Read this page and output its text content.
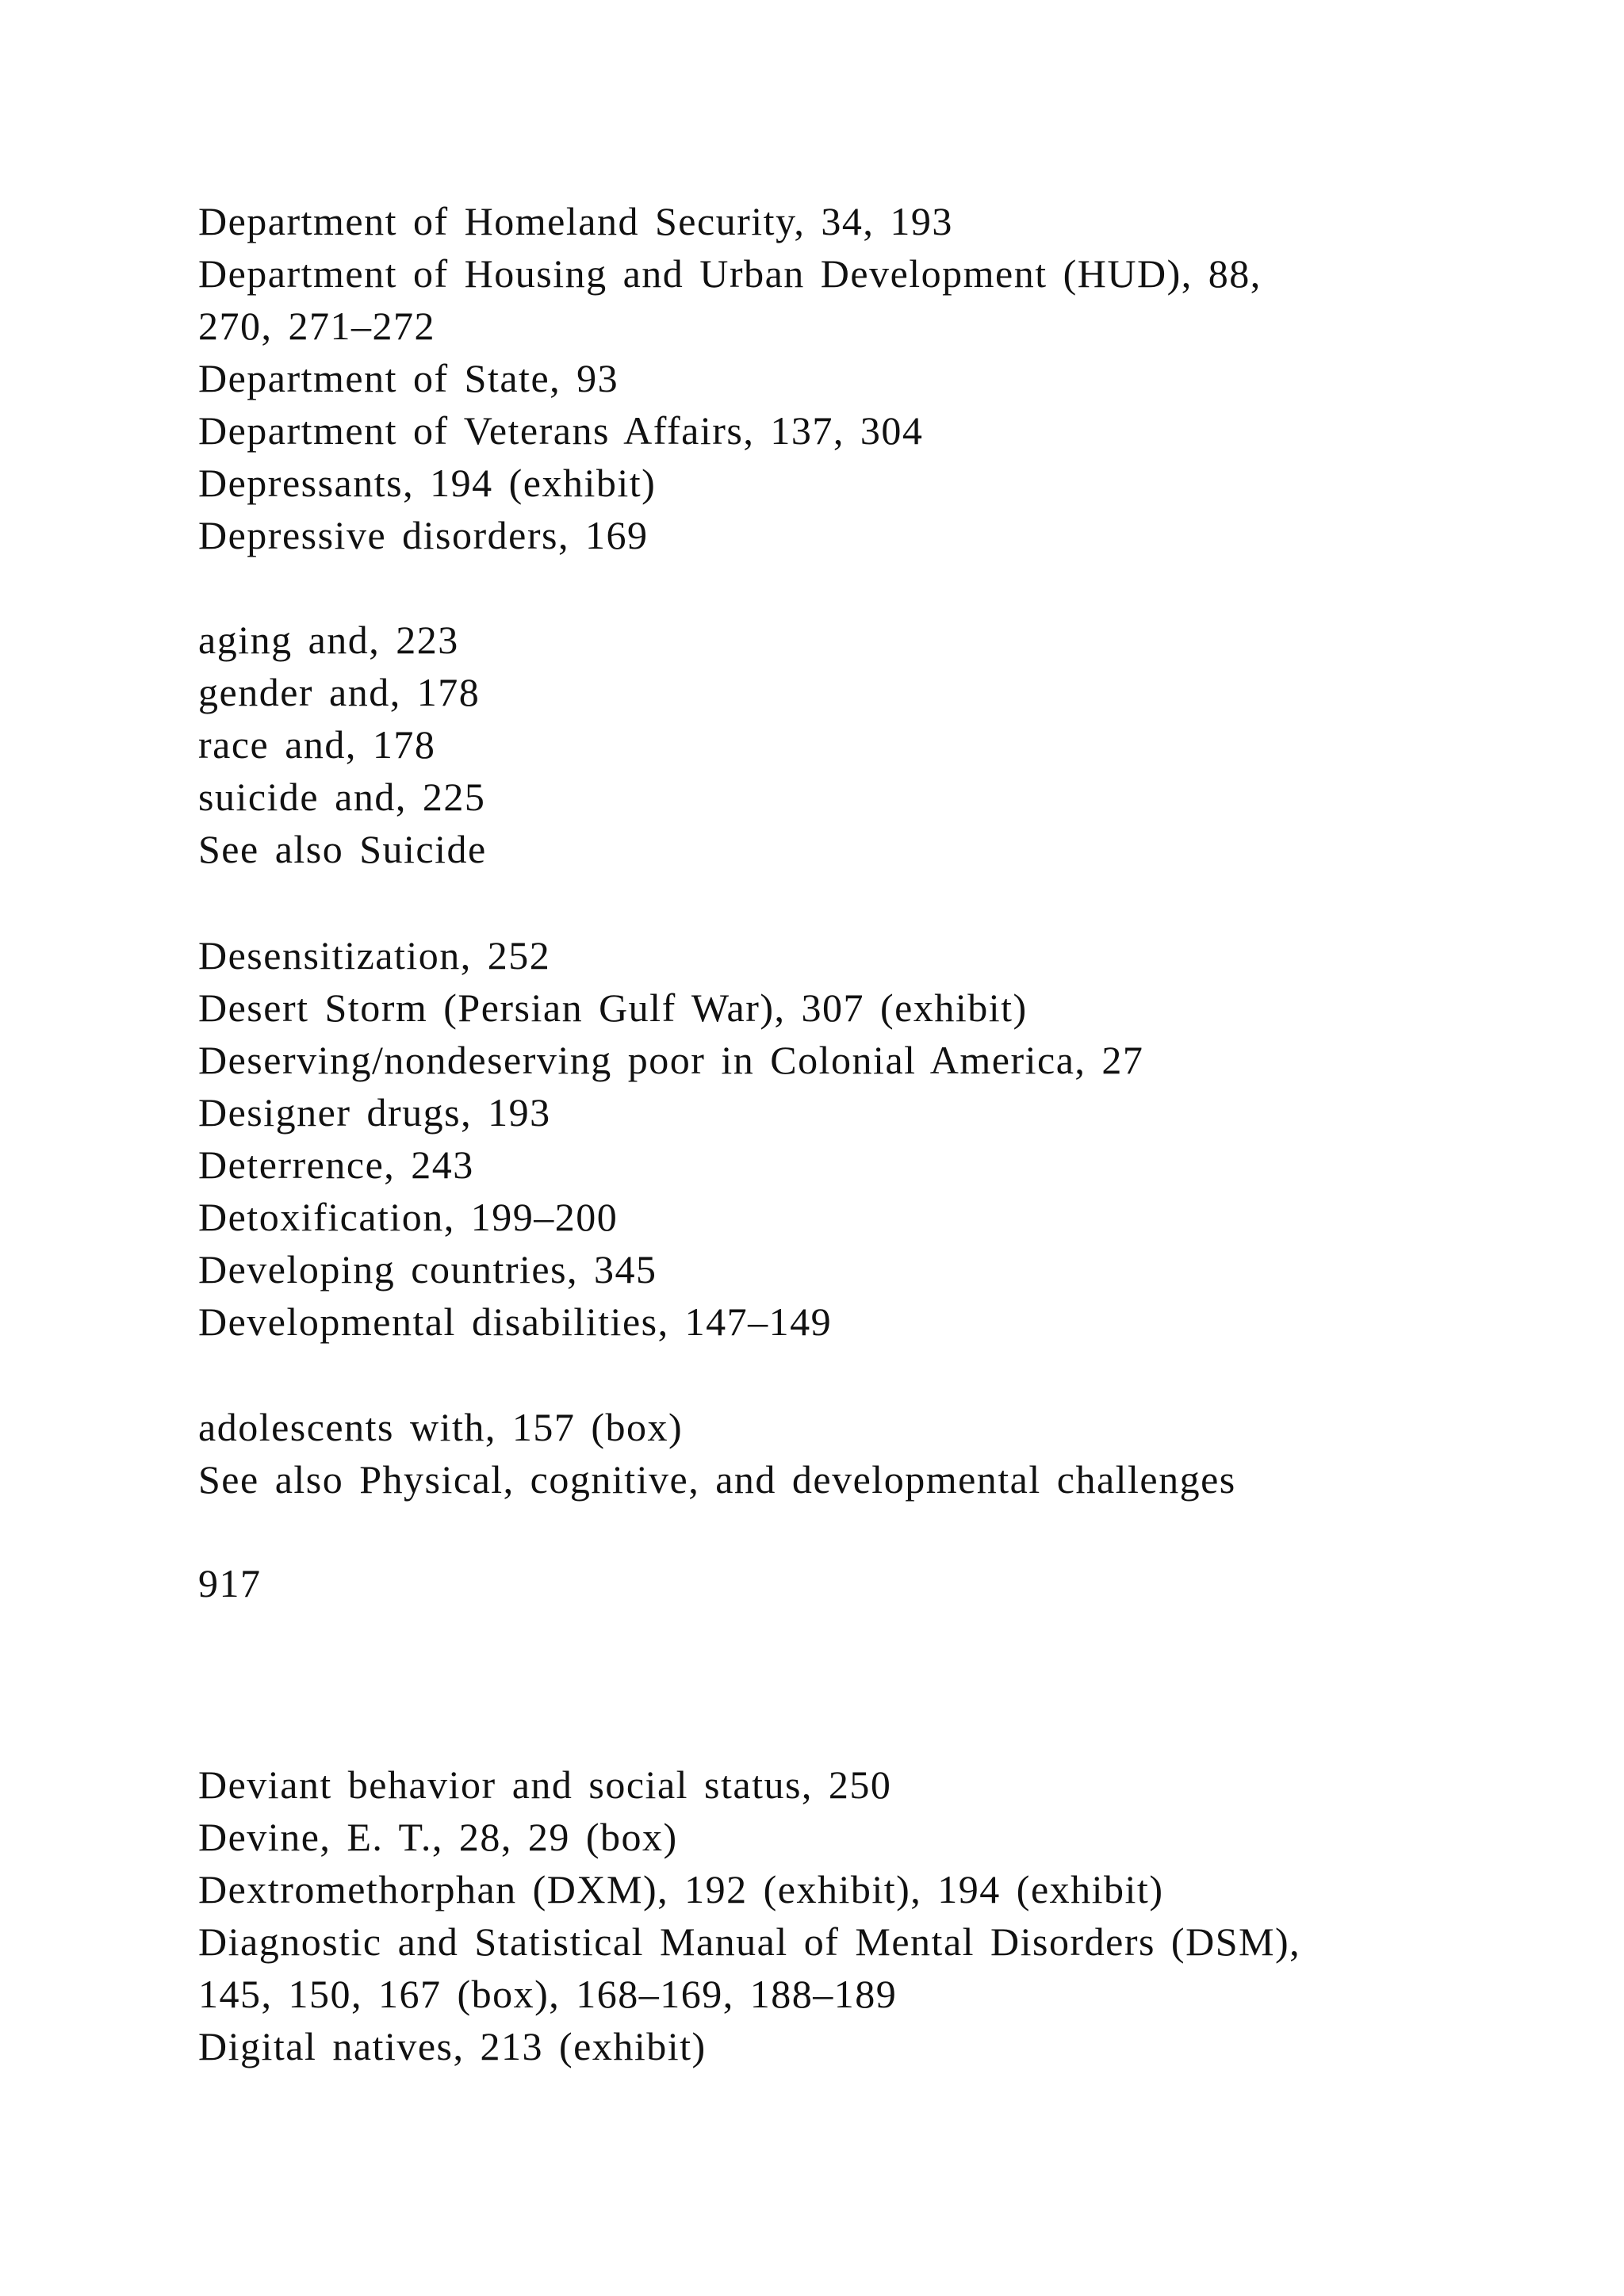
Department of Homeland Security, 34, 193
Department of Housing and Urban Development (HUD), 88,
270, 271–272
Department of State, 93
Department of Veterans Affairs, 137, 304
Depressants, 194 (exhibit)
Depressive disorders, 169
aging and, 223
gender and, 178
race and, 178
suicide and, 225
See also Suicide
Desensitization, 252
Desert Storm (Persian Gulf War), 307 (exhibit)
Deserving/nondeserving poor in Colonial America, 27
Designer drugs, 193
Deterrence, 243
Detoxification, 199–200
Developing countries, 345
Developmental disabilities, 147–149
adolescents with, 157 (box)
See also Physical, cognitive, and developmental challenges
917
Deviant behavior and social status, 250
Devine, E. T., 28, 29 (box)
Dextromethorphan (DXM), 192 (exhibit), 194 (exhibit)
Diagnostic and Statistical Manual of Mental Disorders (DSM),
145, 150, 167 (box), 168–169, 188–189
Digital natives, 213 (exhibit)
